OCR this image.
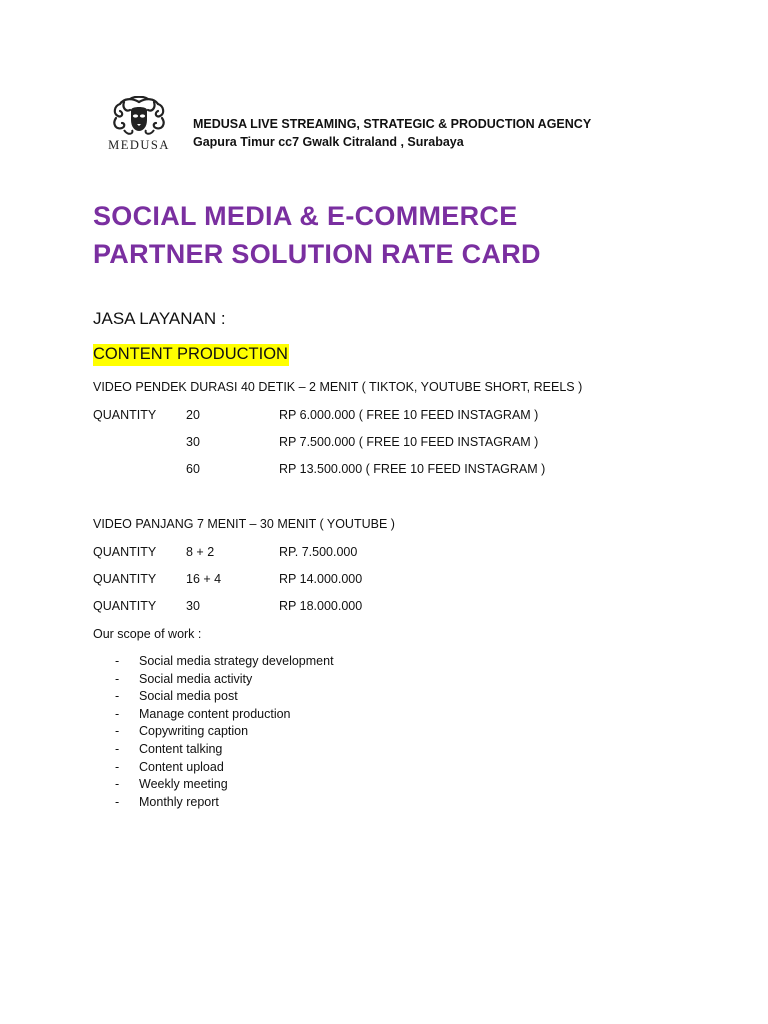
MEDUSA
MEDUSA LIVE STREAMING, STRATEGIC & PRODUCTION AGENCY
Gapura Timur cc7 Gwalk Citraland , Surabaya
SOCIAL MEDIA & E-COMMERCE
PARTNER SOLUTION RATE CARD
JASA LAYANAN :
CONTENT PRODUCTION
VIDEO PENDEK DURASI 40 DETIK – 2 MENIT ( TIKTOK, YOUTUBE SHORT, REELS )
QUANTITY 20	RP 6.000.000 ( FREE 10 FEED INSTAGRAM )
30	RP 7.500.000 ( FREE 10 FEED INSTAGRAM )
60	RP 13.500.000 ( FREE 10 FEED INSTAGRAM )
VIDEO PANJANG 7 MENIT – 30 MENIT ( YOUTUBE )
QUANTITY 8 + 2	RP. 7.500.000
QUANTITY 16 + 4	RP 14.000.000
QUANTITY 30	RP 18.000.000
Our scope of work :
- Social media strategy development
- Social media activity
- Social media post
- Manage content production
- Copywriting caption
- Content talking
- Content upload
- Weekly meeting
- Monthly report
